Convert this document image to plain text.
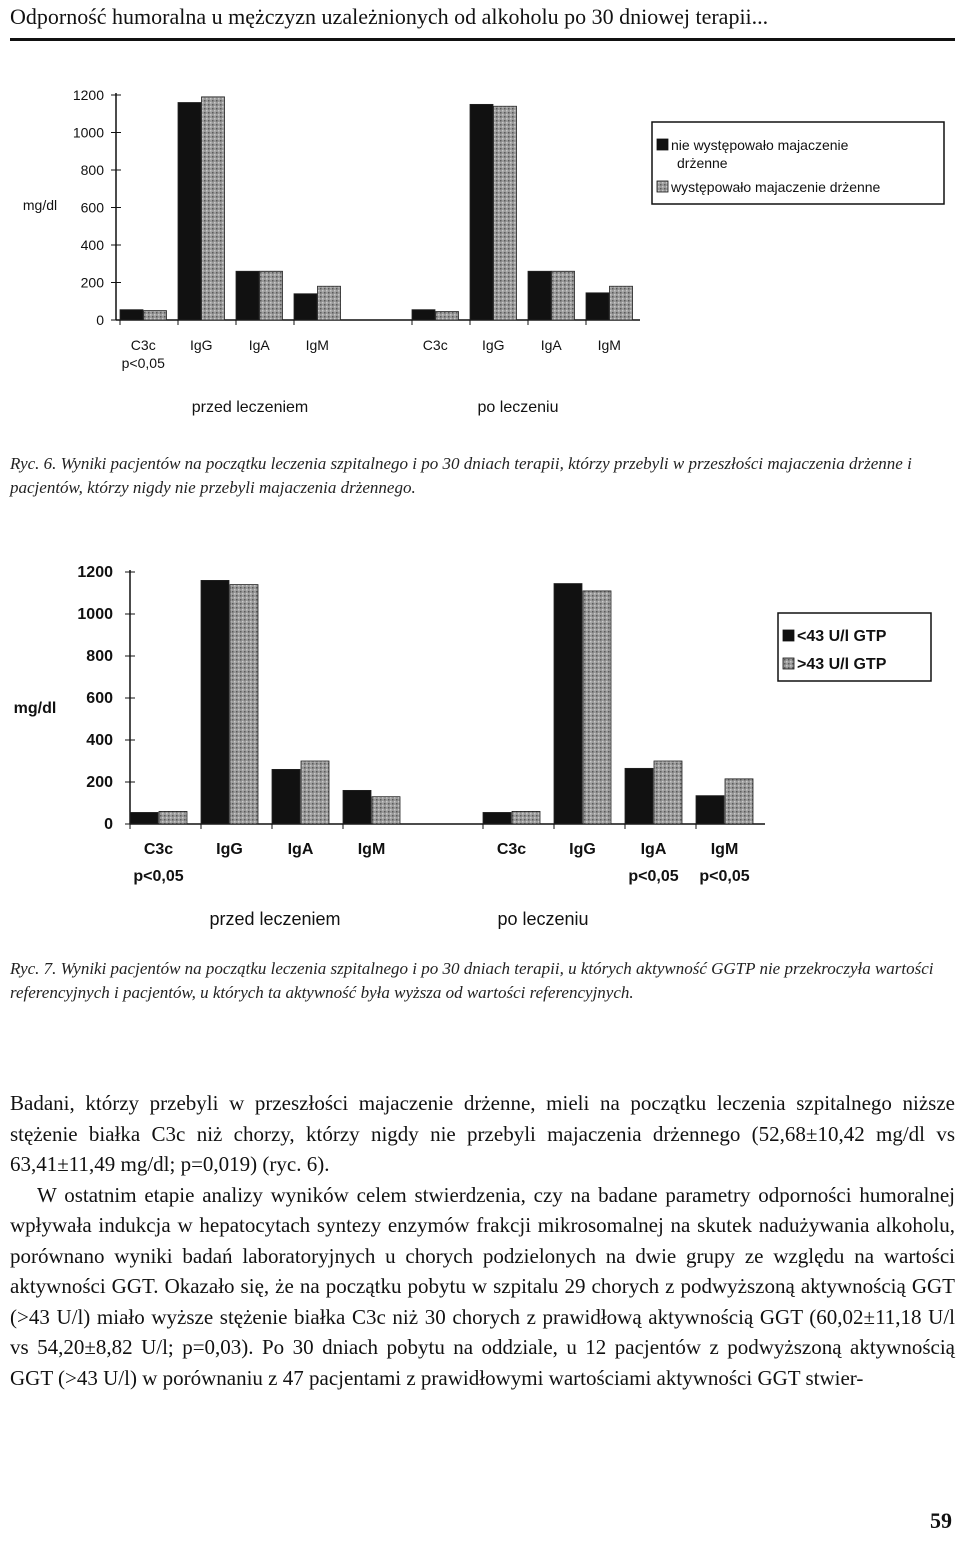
Odporność humoralna u mężczyzn uzależnionych od alkoholu po 30 dniowej terapii...
0
200
400
600
800
1000
1200
mg/dl
C3c
p<0,05
IgG	IgA	IgM
przed leczeniem
C3c IgG	IgA	IgM
po leczeniu
nie występowało majaczenie drżenne
występowało majaczenie drżenne
Ryc. 6. Wyniki pacjentów na początku leczenia szpitalnego i po 30 dniach terapii, którzy przebyli w przeszłości majaczenia drżenne i pacjentów, którzy nigdy nie przebyli majaczenia drżennego.
0
200
400
600
800
1000
1200
mg/dl
C3c
p<0,05
IgG	IgA	IgM
przed leczeniem
C3c	IgG	IgA
p<0,05
IgM
p<0,05
po leczeniu
<43 U/l GTP
>43 U/l GTP
Ryc. 7. Wyniki pacjentów na początku leczenia szpitalnego i po 30 dniach terapii, u których aktywność GGTP nie przekroczyła wartości referencyjnych i pacjentów, u których ta aktywność była wyższa od wartości referencyjnych.

Badani, którzy przebyli w przeszłości majaczenie drżenne, mieli na początku leczenia szpitalnego niższe stężenie białka C3c niż chorzy, którzy nigdy nie przebyli majaczenia drżennego (52,68±10,42 mg/dl vs 63,41±11,49 mg/dl; p=0,019) (ryc. 6).

W ostatnim etapie analizy wyników celem stwierdzenia, czy na badane parametry odporności humoralnej wpływała indukcja w hepatocytach syntezy enzymów frakcji mikrosomalnej na skutek nadużywania alkoholu, porównano wyniki badań laboratoryjnych u chorych podzielonych na dwie grupy ze względu na wartości aktywności GGT. Okazało się, że na początku pobytu w szpitalu 29 chorych z podwyższoną aktywnością GGT (>43 U/l) miało wyższe stężenie białka C3c niż 30 chorych z prawidłową aktywnością GGT (60,02±11,18 U/l vs 54,20±8,82 U/l; p=0,03). Po 30 dniach pobytu na oddziale, u 12 pacjentów z podwyższoną aktywnością GGT (>43 U/l) w porównaniu z 47 pacjentami z prawidłowymi wartościami aktywności GGT stwier-

59
